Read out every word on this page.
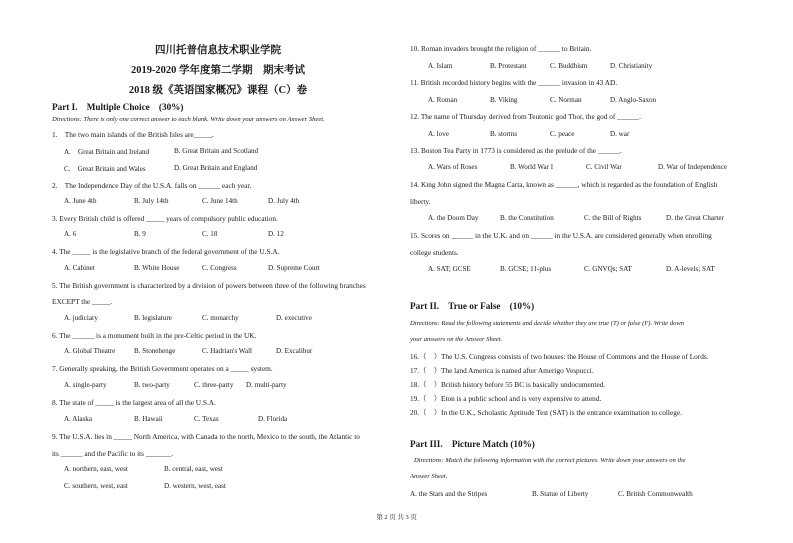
四川托普信息技术职业学院
2019-2020 学年度第二学期　期末考试
2018 级《英语国家概况》课程（C）卷
Part I.　Multiple Choice　(30%)
Directions: There is only one correct answer to each blank. Write down your answers on Answer Sheet.
1.　The two main islands of the British Isles are_____.
A.　Great Britain and Ireland	B. Great Britain and Scotland
C.　Great Britain and Wales	D. Great Britain and England
2.　The Independence Day of the U.S.A. falls on ______ each year.
A. June 4th	B. July 14th	C. June 14th	D. July 4th
3. Every British child is offered _____ years of compulsory public education.
A. 6	B. 9	C. 18	D. 12
4. The _____ is the legislative branch of the federal government of the U.S.A.
A. Cabinet	B. White House	C. Congress	D. Supreme Court
5. The British government is characterized by a division of powers between three of the following branches
EXCEPT the _____.
A. judiciary	B. legislature	C. monarchy	D. executive
6. The ______ is a monument built in the pre-Celtic period in the UK.
A. Global Theatre	B. Stonehenge	C. Hadrian's Wall	D. Excalibur
7. Generally speaking, the British Government operates on a _____ system.
A. single-party	B. two-party	C. three-party D. multi-party
8. The state of _____ is the largest area of all the U.S.A.
A. Alaska	B. Hawaii	C. Texas	D. Florida
9. The U.S.A. lies in _____ North America, with Canada to the north, Mexico to the south, the Atlantic to
its ______ and the Pacific to its _______.
A. northern, east, west	B. central, east, west
C. southern, west, east	D. western, west, east
10. Roman invaders brought the religion of ______ to Britain.
A. Islam	B. Protestant	C. Buddhism	D. Christianity
11. British recorded history begins with the ______ invasion in 43 AD.
A. Roman	B. Viking	C. Norman	D. Anglo-Saxon
12. The name of Thursday derived from Teutonic god Thor, the god of ______.
A. love	B. storms	C. peace	D. war
13. Boston Tea Party in 1773 is considered as the prelude of the ______.
A. Wars of Roses	B. World War I	C. Civil War	D. War of Independence
14. King John signed the Magna Carta, known as ______, which is regarded as the foundation of English
liberty.
A. the Doom Day	B. the Constitution	C. the Bill of Rights	D. the Great Charter
15. Scores on ______ in the U.K. and on ______ in the U.S.A. are considered generally when enrolling
college students.
A. SAT; GCSE	B. GCSE; 11-plus	C. GNVQs; SAT	D. A-levels; SAT
Part II.　True or False　(10%)
Directions: Read the following statements and decide whether they are true (T) or false (F). Write down
your answers on the Answer Sheet.
16.（　）The U.S. Congress consists of two houses: the House of Commons and the House of Lords.
17.（　）The land America is named after Amerigo Vespucci.
18.（　）British history before 55 BC is basically undocumented.
19.（　）Eton is a public school and is very expensive to attend.
20.（　）In the U.K., Scholastic Aptitude Test (SAT) is the entrance examination to college.
Part III.　Picture Match (10%)
Directions: Match the following information with the correct pictures. Write down your answers on the
Answer Sheet.
A. the Stars and the Stripes	B. Statue of Liberty	C. British Commonwealth
第 2 页 共 3 页
